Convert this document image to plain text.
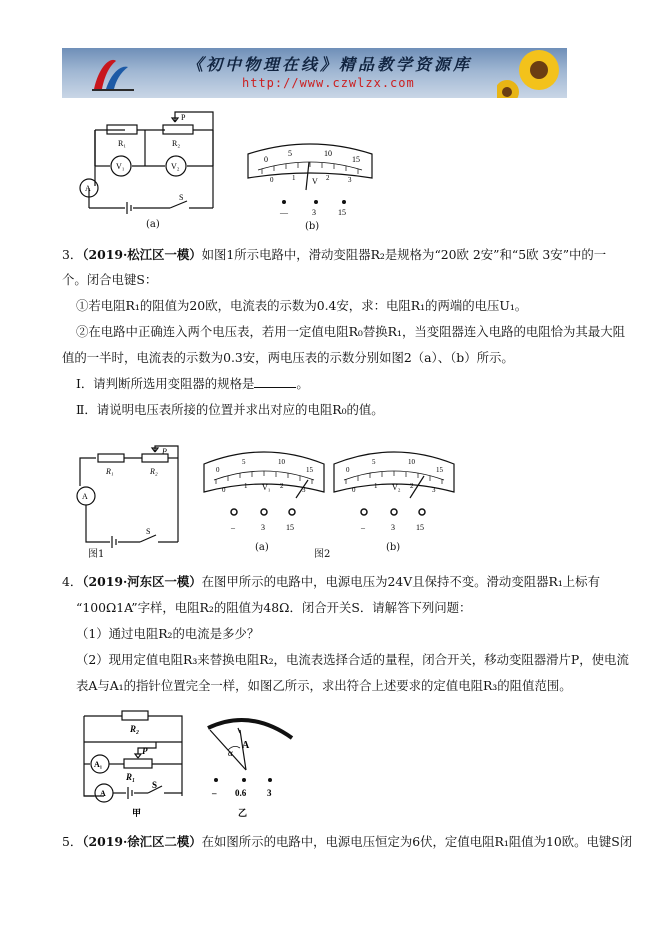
《初中物理在线》精品教学资源库
http://www.czwlzx.com
R₁	R₂
P
V₁	V₂
A
S
(a)
0
5	10
15
0	1	2	3
V
—	3	15
(b)
3．（2019·松江区一模）如图1所示电路中，滑动变阻器R₂是规格为“20欧 2安”和“5欧 3安”中的一
个。闭合电键S：
①若电阻R₁的阻值为20欧，电流表的示数为0.4安，求：电阻R₁的两端的电压U₁。
②在电路中正确连入两个电压表，若用一定值电阻R₀替换R₁，当变阻器连入电路的电阻恰为其最大阻
值的一半时，电流表的示数为0.3安，两电压表的示数分别如图2（a）、（b）所示。
Ⅰ．请判断所选用变阻器的规格是	。
Ⅱ．请说明电压表所接的位置并求出对应的电阻R₀的值。
R₁	R₂
P
A
S
图1
0
5	10
15
0	1	2	3
V₁
–	3	15
(a)
图2
0
5	10
15
0	1	2	3
V₂
–	3	15
(b)
4．（2019·河东区一模）在图甲所示的电路中，电源电压为24V且保持不变。滑动变阻器R₁上标有
“100Ω1A”字样，电阻R₂的阻值为48Ω．闭合开关S．请解答下列问题：
（1）通过电阻R₂的电流是多少？
（2）现用定值电阻R₃来替换电阻R₂，电流表选择合适的量程，闭合开关，移动变阻器滑片P，使电流
表A与A₁的指针位置完全一样，如图乙所示，求出符合上述要求的定值电阻R₃的阻值范围。
R₂
R₁
P
A₁
A
S
甲
α
A
– 0.6 3
乙
5．（2019·徐汇区二模）在如图所示的电路中，电源电压恒定为6伏，定值电阻R₁阻值为10欧。电键S闭
